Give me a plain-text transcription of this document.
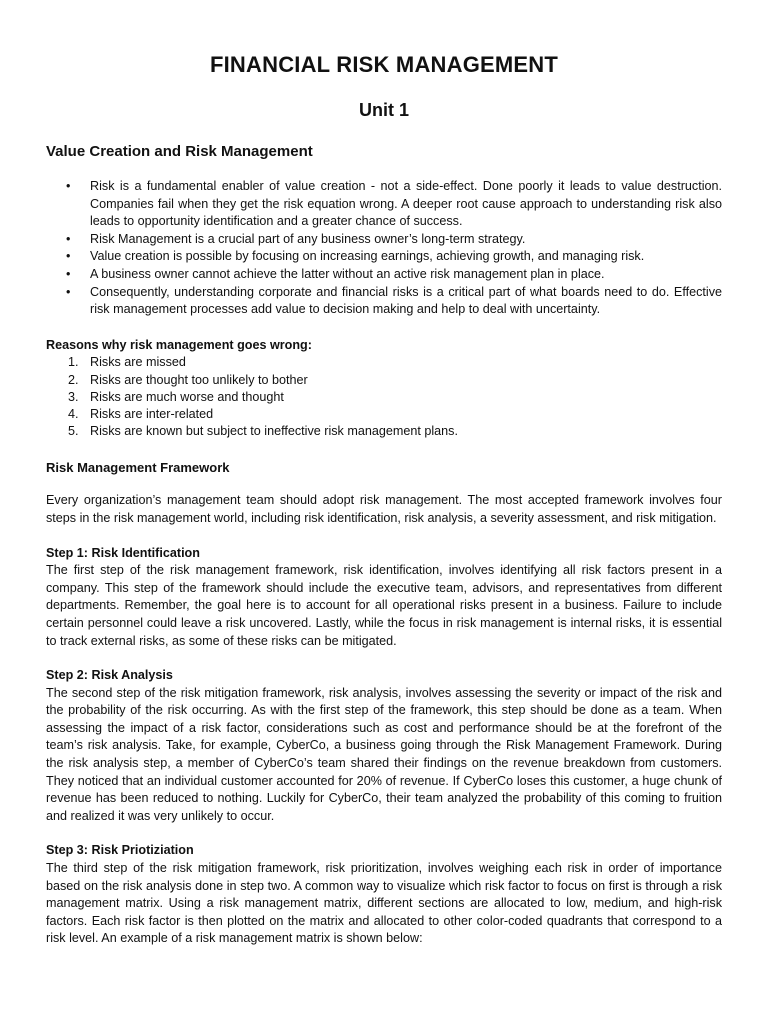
FINANCIAL RISK MANAGEMENT
Unit 1
Value Creation and Risk Management
• Risk is a fundamental enabler of value creation - not a side-effect. Done poorly it leads to value destruction. Companies fail when they get the risk equation wrong. A deeper root cause approach to understanding risk also leads to opportunity identification and a greater chance of success.
• Risk Management is a crucial part of any business owner’s long-term strategy.
• Value creation is possible by focusing on increasing earnings, achieving growth, and managing risk.
• A business owner cannot achieve the latter without an active risk management plan in place.
• Consequently, understanding corporate and financial risks is a critical part of what boards need to do. Effective risk management processes add value to decision making and help to deal with uncertainty.
Reasons why risk management goes wrong:
1. Risks are missed
2. Risks are thought too unlikely to bother
3. Risks are much worse and thought
4. Risks are inter-related
5. Risks are known but subject to ineffective risk management plans.
Risk Management Framework

Every organization’s management team should adopt risk management. The most accepted framework involves four steps in the risk management world, including risk identification, risk analysis, a severity assessment, and risk mitigation.

Step 1: Risk Identification

The first step of the risk management framework, risk identification, involves identifying all risk factors present in a company. This step of the framework should include the executive team, advisors, and representatives from different departments. Remember, the goal here is to account for all operational risks present in a business. Failure to include certain personnel could leave a risk uncovered. Lastly, while the focus in risk management is internal risks, it is essential to track external risks, as some of these risks can be mitigated.

Step 2: Risk Analysis

The second step of the risk mitigation framework, risk analysis, involves assessing the severity or impact of the risk and the probability of the risk occurring. As with the first step of the framework, this step should be done as a team. When assessing the impact of a risk factor, considerations such as cost and performance should be at the forefront of the team’s risk analysis. Take, for example, CyberCo, a business going through the Risk Management Framework. During the risk analysis step, a member of CyberCo’s team shared their findings on the revenue breakdown from customers. They noticed that an individual customer accounted for 20% of revenue. If CyberCo loses this customer, a huge chunk of revenue has been reduced to nothing. Luckily for CyberCo, their team analyzed the probability of this coming to fruition and realized it was very unlikely to occur.

Step 3: Risk Priotiziation

The third step of the risk mitigation framework, risk prioritization, involves weighing each risk in order of importance based on the risk analysis done in step two. A common way to visualize which risk factor to focus on first is through a risk management matrix. Using a risk management matrix, different sections are allocated to low, medium, and high-risk factors. Each risk factor is then plotted on the matrix and allocated to other color-coded quadrants that correspond to a risk level. An example of a risk management matrix is shown below:
